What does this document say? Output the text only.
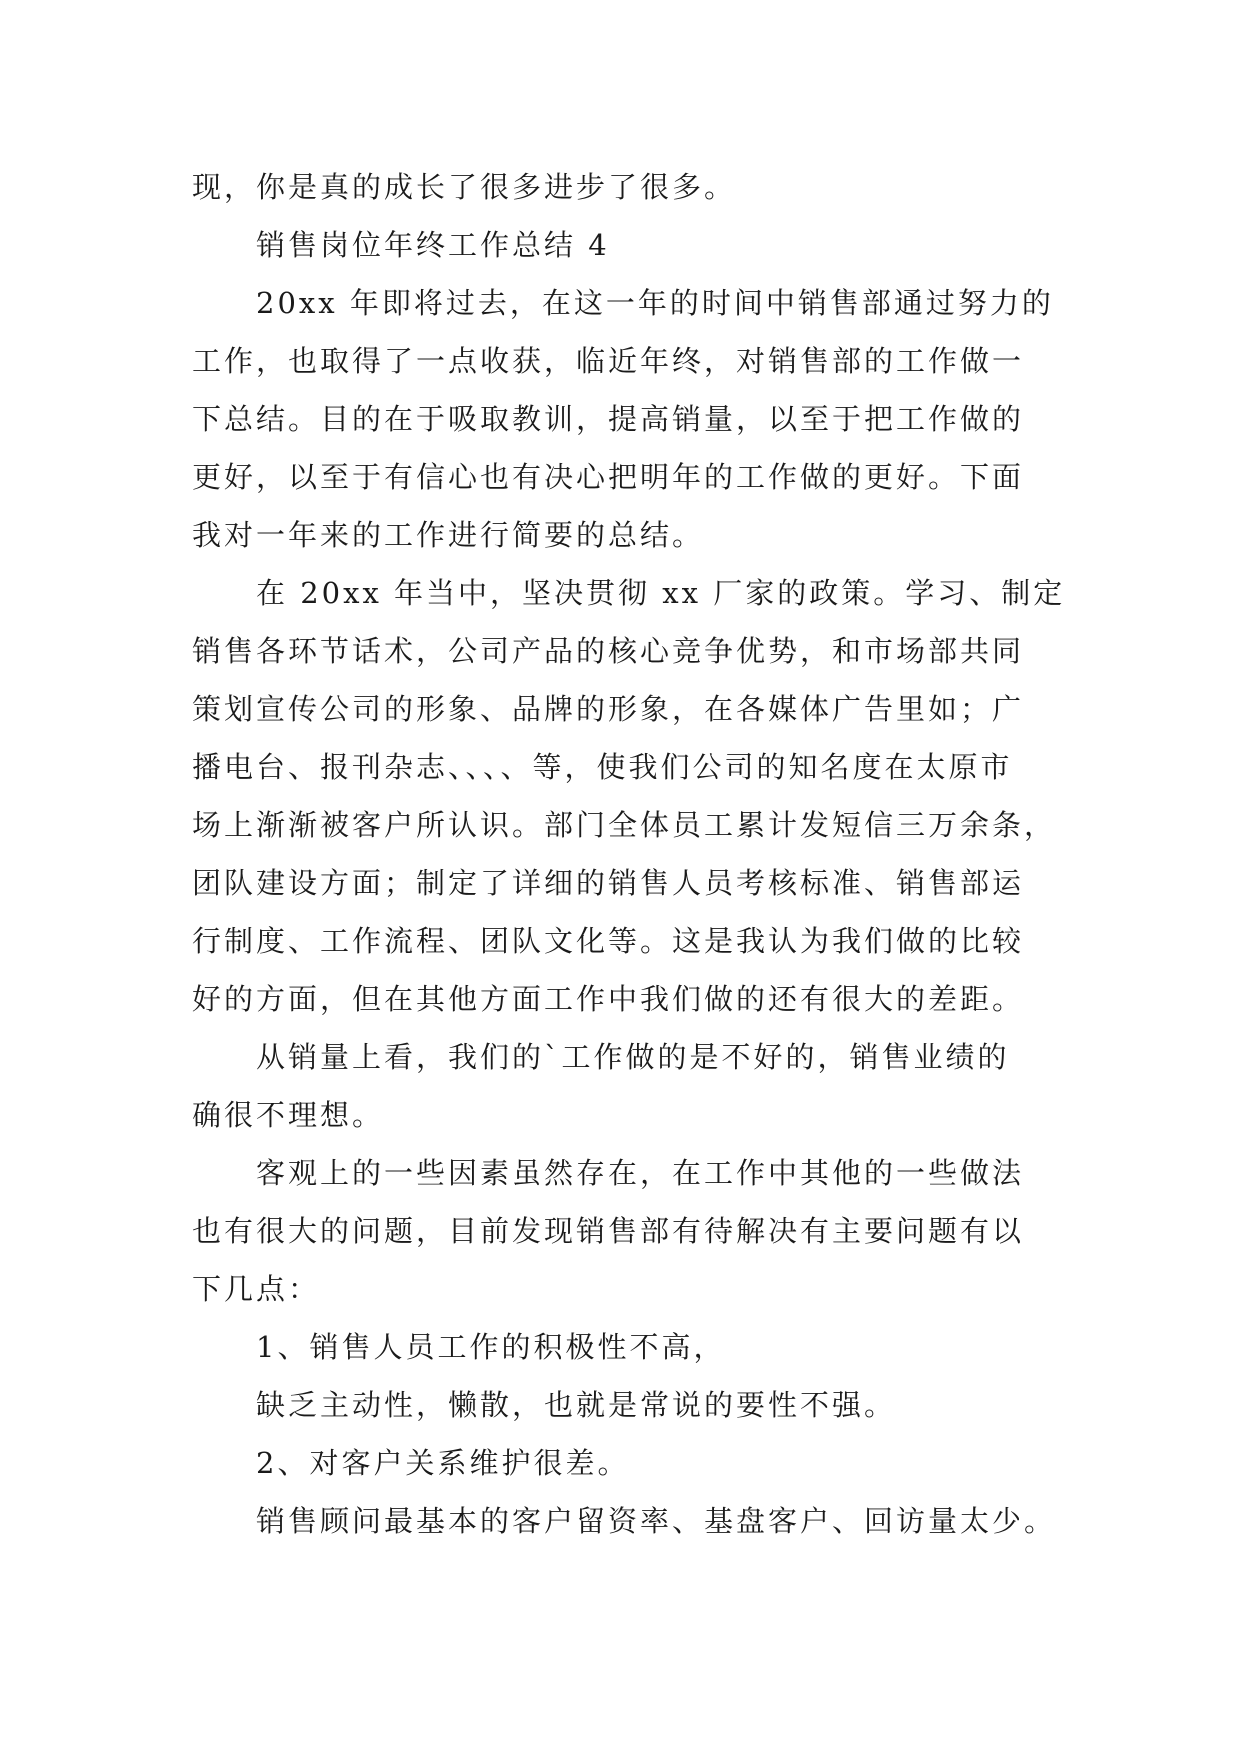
现，你是真的成长了很多进步了很多。
销售岗位年终工作总结 4
20xx 年即将过去，在这一年的时间中销售部通过努力的
工作，也取得了一点收获，临近年终，对销售部的工作做一
下总结。目的在于吸取教训，提高销量，以至于把工作做的
更好，以至于有信心也有决心把明年的工作做的更好。下面
我对一年来的工作进行简要的总结。
在 20xx 年当中，坚决贯彻 xx 厂家的政策。学习、制定
销售各环节话术，公司产品的核心竞争优势，和市场部共同
策划宣传公司的形象、品牌的形象，在各媒体广告里如；广
播电台、报刊杂志、、、、等，使我们公司的知名度在太原市
场上渐渐被客户所认识。部门全体员工累计发短信三万余条，
团队建设方面；制定了详细的销售人员考核标准、销售部运
行制度、工作流程、团队文化等。这是我认为我们做的比较
好的方面，但在其他方面工作中我们做的还有很大的差距。
从销量上看，我们的`工作做的是不好的，销售业绩的
确很不理想。
客观上的一些因素虽然存在，在工作中其他的一些做法
也有很大的问题，目前发现销售部有待解决有主要问题有以
下几点：
1、销售人员工作的积极性不高，
缺乏主动性，懒散，也就是常说的要性不强。
2、对客户关系维护很差。
销售顾问最基本的客户留资率、基盘客户、回访量太少。
